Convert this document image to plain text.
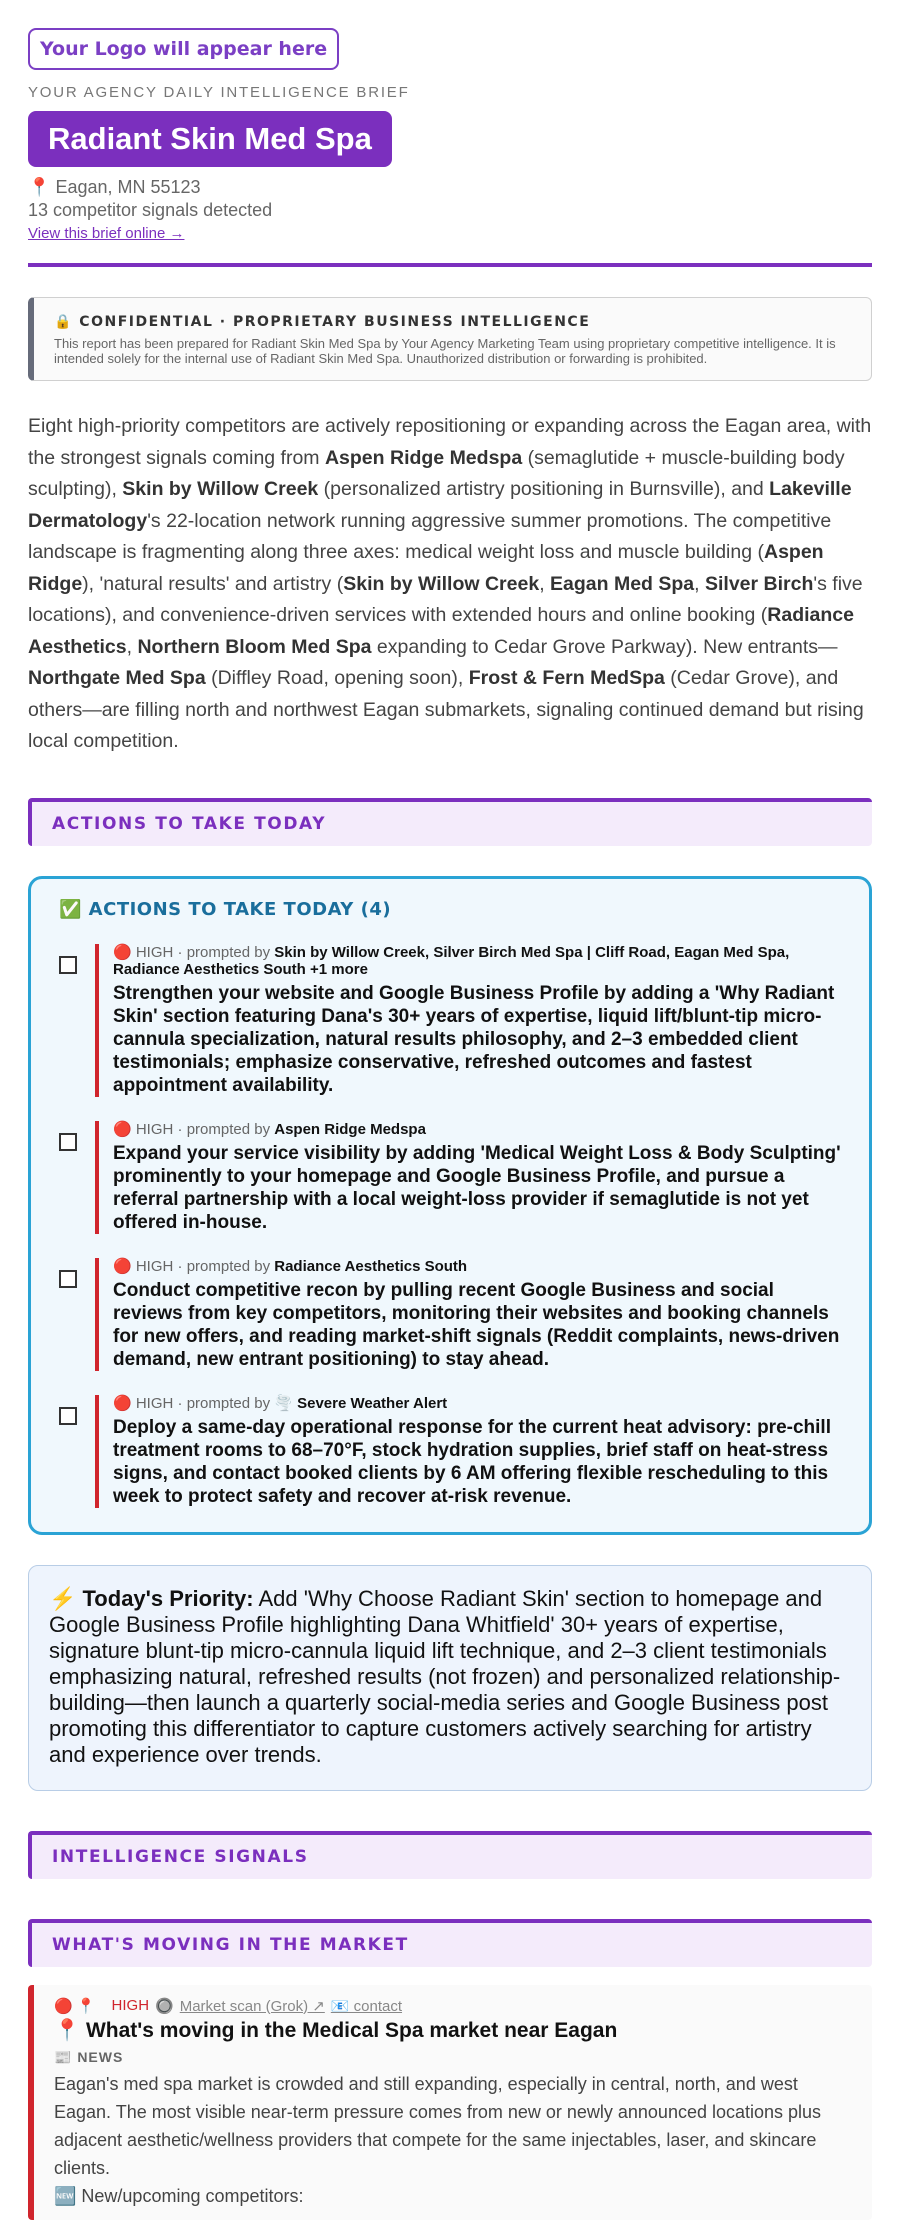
Your Logo will appear here
YOUR AGENCY DAILY INTELLIGENCE BRIEF
Radiant Skin Med Spa
📍 Eagan, MN 55123
13 competitor signals detected
View this brief online →
🔒 CONFIDENTIAL · PROPRIETARY BUSINESS INTELLIGENCE
This report has been prepared for Radiant Skin Med Spa by Your Agency Marketing Team using proprietary competitive intelligence. It is intended solely for the internal use of Radiant Skin Med Spa. Unauthorized distribution or forwarding is prohibited.
Eight high-priority competitors are actively repositioning or expanding across the Eagan area, with the strongest signals coming from Aspen Ridge Medspa (semaglutide + muscle-building body sculpting), Skin by Willow Creek (personalized artistry positioning in Burnsville), and Lakeville Dermatology's 22-location network running aggressive summer promotions. The competitive landscape is fragmenting along three axes: medical weight loss and muscle building (Aspen Ridge), 'natural results' and artistry (Skin by Willow Creek, Eagan Med Spa, Silver Birch's five locations), and convenience-driven services with extended hours and online booking (Radiance Aesthetics, Northern Bloom Med Spa expanding to Cedar Grove Parkway). New entrants—Northgate Med Spa (Diffley Road, opening soon), Frost & Fern MedSpa (Cedar Grove), and others—are filling north and northwest Eagan submarkets, signaling continued demand but rising local competition.
ACTIONS TO TAKE TODAY
✅ ACTIONS TO TAKE TODAY (4)
🔴 HIGH · prompted by Skin by Willow Creek, Silver Birch Med Spa | Cliff Road, Eagan Med Spa, Radiance Aesthetics South +1 more
Strengthen your website and Google Business Profile by adding a 'Why Radiant Skin' section featuring Dana's 30+ years of expertise, liquid lift/blunt-tip micro-cannula specialization, natural results philosophy, and 2–3 embedded client testimonials; emphasize conservative, refreshed outcomes and fastest appointment availability.
🔴 HIGH · prompted by Aspen Ridge Medspa
Expand your service visibility by adding 'Medical Weight Loss & Body Sculpting' prominently to your homepage and Google Business Profile, and pursue a referral partnership with a local weight-loss provider if semaglutide is not yet offered in-house.
🔴 HIGH · prompted by Radiance Aesthetics South
Conduct competitive recon by pulling recent Google Business and social reviews from key competitors, monitoring their websites and booking channels for new offers, and reading market-shift signals (Reddit complaints, news-driven demand, new entrant positioning) to stay ahead.
🔴 HIGH · prompted by 🌪️ Severe Weather Alert
Deploy a same-day operational response for the current heat advisory: pre-chill treatment rooms to 68–70°F, stock hydration supplies, brief staff on heat-stress signs, and contact booked clients by 6 AM offering flexible rescheduling to this week to protect safety and recover at-risk revenue.
⚡ Today's Priority: Add 'Why Choose Radiant Skin' section to homepage and Google Business Profile highlighting Dana Whitfield' 30+ years of expertise, signature blunt-tip micro-cannula liquid lift technique, and 2–3 client testimonials emphasizing natural, refreshed results (not frozen) and personalized relationship-building—then launch a quarterly social-media series and Google Business post promoting this differentiator to capture customers actively searching for artistry and experience over trends.
INTELLIGENCE SIGNALS
WHAT'S MOVING IN THE MARKET
🔴 📍 HIGH 🔘 Market scan (Grok) ↗ 📧 contact
📍 What's moving in the Medical Spa market near Eagan
📰 NEWS
Eagan's med spa market is crowded and still expanding, especially in central, north, and west Eagan. The most visible near-term pressure comes from new or newly announced locations plus adjacent aesthetic/wellness providers that compete for the same injectables, laser, and skincare clients.
🆕 New/upcoming competitors:
